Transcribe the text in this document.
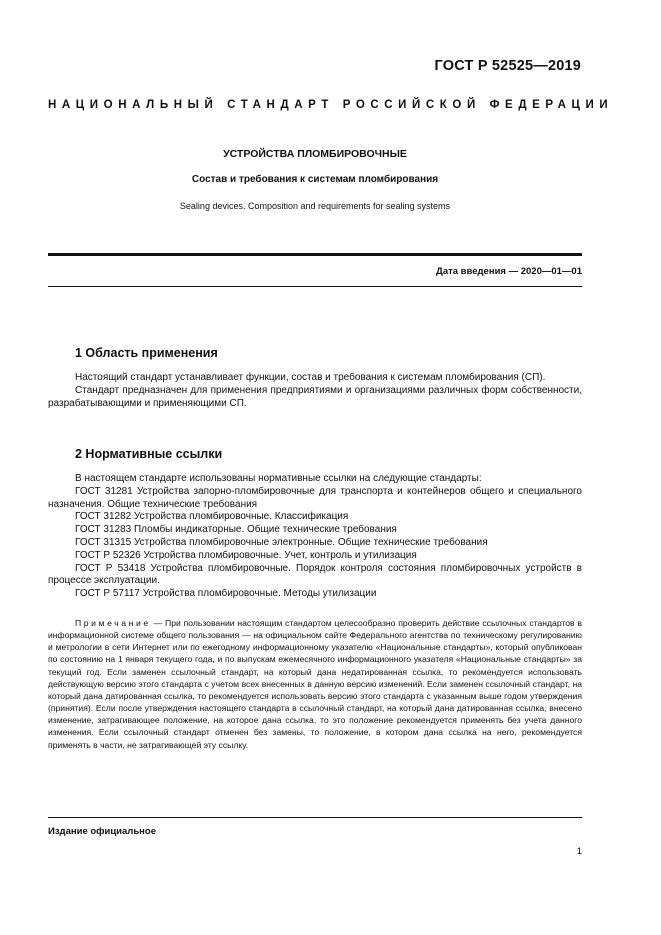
ГОСТ Р 52525—2019
НАЦИОНАЛЬНЫЙ СТАНДАРТ РОССИЙСКОЙ ФЕДЕРАЦИИ
УСТРОЙСТВА ПЛОМБИРОВОЧНЫЕ
Состав и требования к системам пломбирования
Sealing devices. Composition and requirements for sealing systems
Дата введения — 2020—01—01
1 Область применения

Настоящий стандарт устанавливает функции, состав и требования к системам пломбирования (СП).

Стандарт предназначен для применения предприятиями и организациями различных форм собственности, разрабатывающими и применяющими СП.

2 Нормативные ссылки

В настоящем стандарте использованы нормативные ссылки на следующие стандарты:

ГОСТ 31281 Устройства запорно-пломбировочные для транспорта и контейнеров общего и специального назначения. Общие технические требования

ГОСТ 31282 Устройства пломбировочные. Классификация

ГОСТ 31283 Пломбы индикаторные. Общие технические требования

ГОСТ 31315 Устройства пломбировочные электронные. Общие технические требования

ГОСТ Р 52326 Устройства пломбировочные. Учет, контроль и утилизация

ГОСТ Р 53418 Устройства пломбировочные. Порядок контроля состояния пломбировочных устройств в процессе эксплуатации.

ГОСТ Р 57117 Устройства пломбировочные. Методы утилизации

Примечание — При пользовании настоящим стандартом целесообразно проверить действие ссылочных стандартов в информационной системе общего пользования — на официальном сайте Федерального агентства по техническому регулированию и метрологии в сети Интернет или по ежегодному информационному указателю «Национальные стандарты», который опубликован по состоянию на 1 января текущего года, и по выпускам ежемесячного информационного указателя «Национальные стандарты» за текущий год. Если заменен ссылочный стандарт, на который дана недатированная ссылка, то рекомендуется использовать действующую версию этого стандарта с учетом всех внесенных в данную версию изменений. Если заменен ссылочный стандарт, на который дана датированная ссылка, то рекомендуется использовать версию этого стандарта с указанным выше годом утверждения (принятия). Если после утверждения настоящего стандарта в ссылочный стандарт, на который дана датированная ссылка, внесено изменение, затрагивающее положение, на которое дана ссылка, то это положение рекомендуется применять без учета данного изменения. Если ссылочный стандарт отменен без замены, то положение, в котором дана ссылка на него, рекомендуется применять в части, не затрагивающей эту ссылку.

Издание официальное
1
